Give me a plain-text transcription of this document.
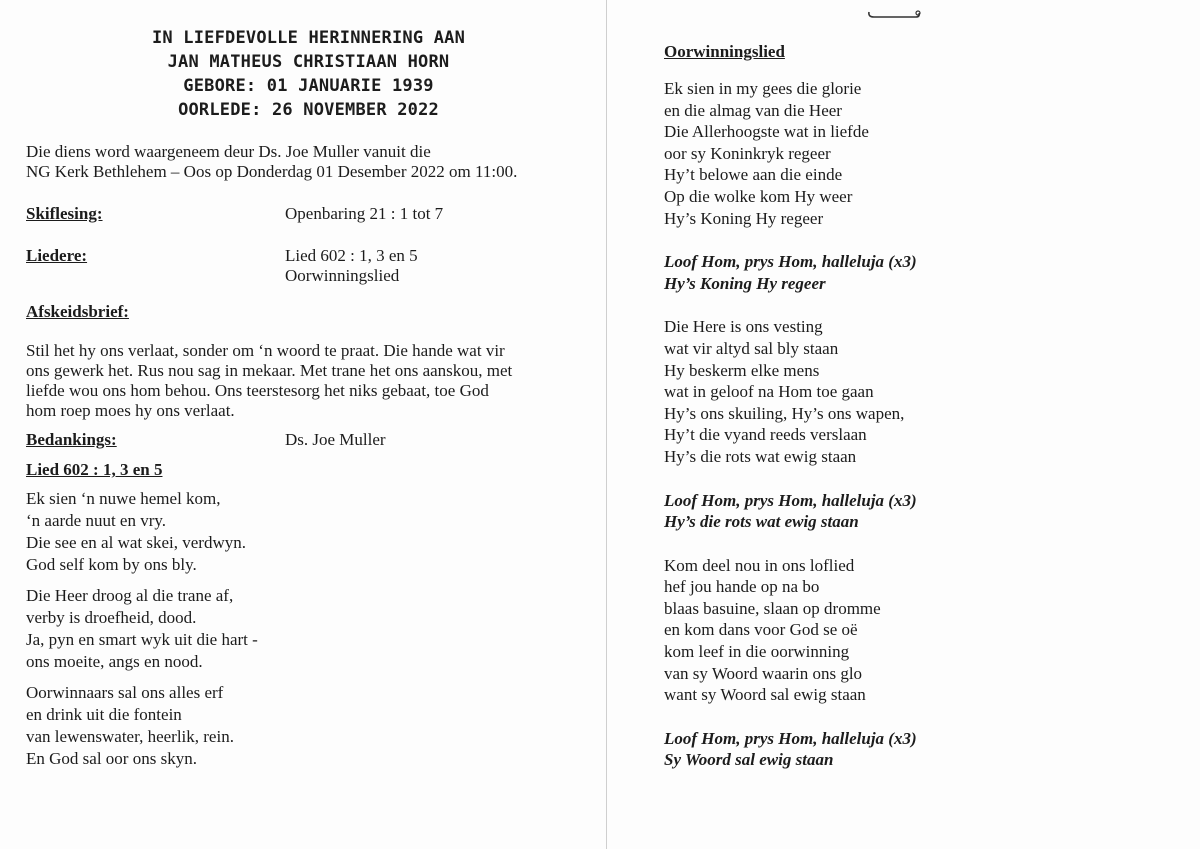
IN LIEFDEVOLLE HERINNERING AAN
JAN MATHEUS CHRISTIAAN HORN
GEBORE: 01 JANUARIE 1939
OORLEDE: 26 NOVEMBER 2022

Die diens word waargeneem deur Ds. Joe Muller vanuit die

NG Kerk Bethlehem – Oos op Donderdag 01 Desember 2022 om 11:00.

Skiflesing:	Openbaring 21 : 1 tot 7
Liedere:	Lied 602 : 1, 3 en 5
Oorwinningslied
Afskeidsbrief:

Stil het hy ons verlaat, sonder om ‘n woord te praat. Die hande wat vir

ons gewerk het. Rus nou sag in mekaar. Met trane het ons aanskou, met

liefde wou ons hom behou. Ons teerstesorg het niks gebaat, toe God

hom roep moes hy ons verlaat.

Bedankings:	Ds. Joe Muller
Lied 602 : 1, 3 en 5
Ek sien ‘n nuwe hemel kom,
‘n aarde nuut en vry.
Die see en al wat skei, verdwyn.
God self kom by ons bly.
Die Heer droog al die trane af,
verby is droefheid, dood.
Ja, pyn en smart wyk uit die hart -
ons moeite, angs en nood.
Oorwinnaars sal ons alles erf
en drink uit die fontein
van lewenswater, heerlik, rein.
En God sal oor ons skyn.
Oorwinningslied
Ek sien in my gees die glorie
en die almag van die Heer
Die Allerhoogste wat in liefde
oor sy Koninkryk regeer
Hy’t belowe aan die einde
Op die wolke kom Hy weer
Hy’s Koning Hy regeer
Loof Hom, prys Hom, halleluja (x3)
Hy’s Koning Hy regeer
Die Here is ons vesting
wat vir altyd sal bly staan
Hy beskerm elke mens
wat in geloof na Hom toe gaan
Hy’s ons skuiling, Hy’s ons wapen,
Hy’t die vyand reeds verslaan
Hy’s die rots wat ewig staan
Loof Hom, prys Hom, halleluja (x3)
Hy’s die rots wat ewig staan
Kom deel nou in ons loflied
hef jou hande op na bo
blaas basuine, slaan op dromme
en kom dans voor God se oë
kom leef in die oorwinning
van sy Woord waarin ons glo
want sy Woord sal ewig staan
Loof Hom, prys Hom, halleluja (x3)
Sy Woord sal ewig staan
